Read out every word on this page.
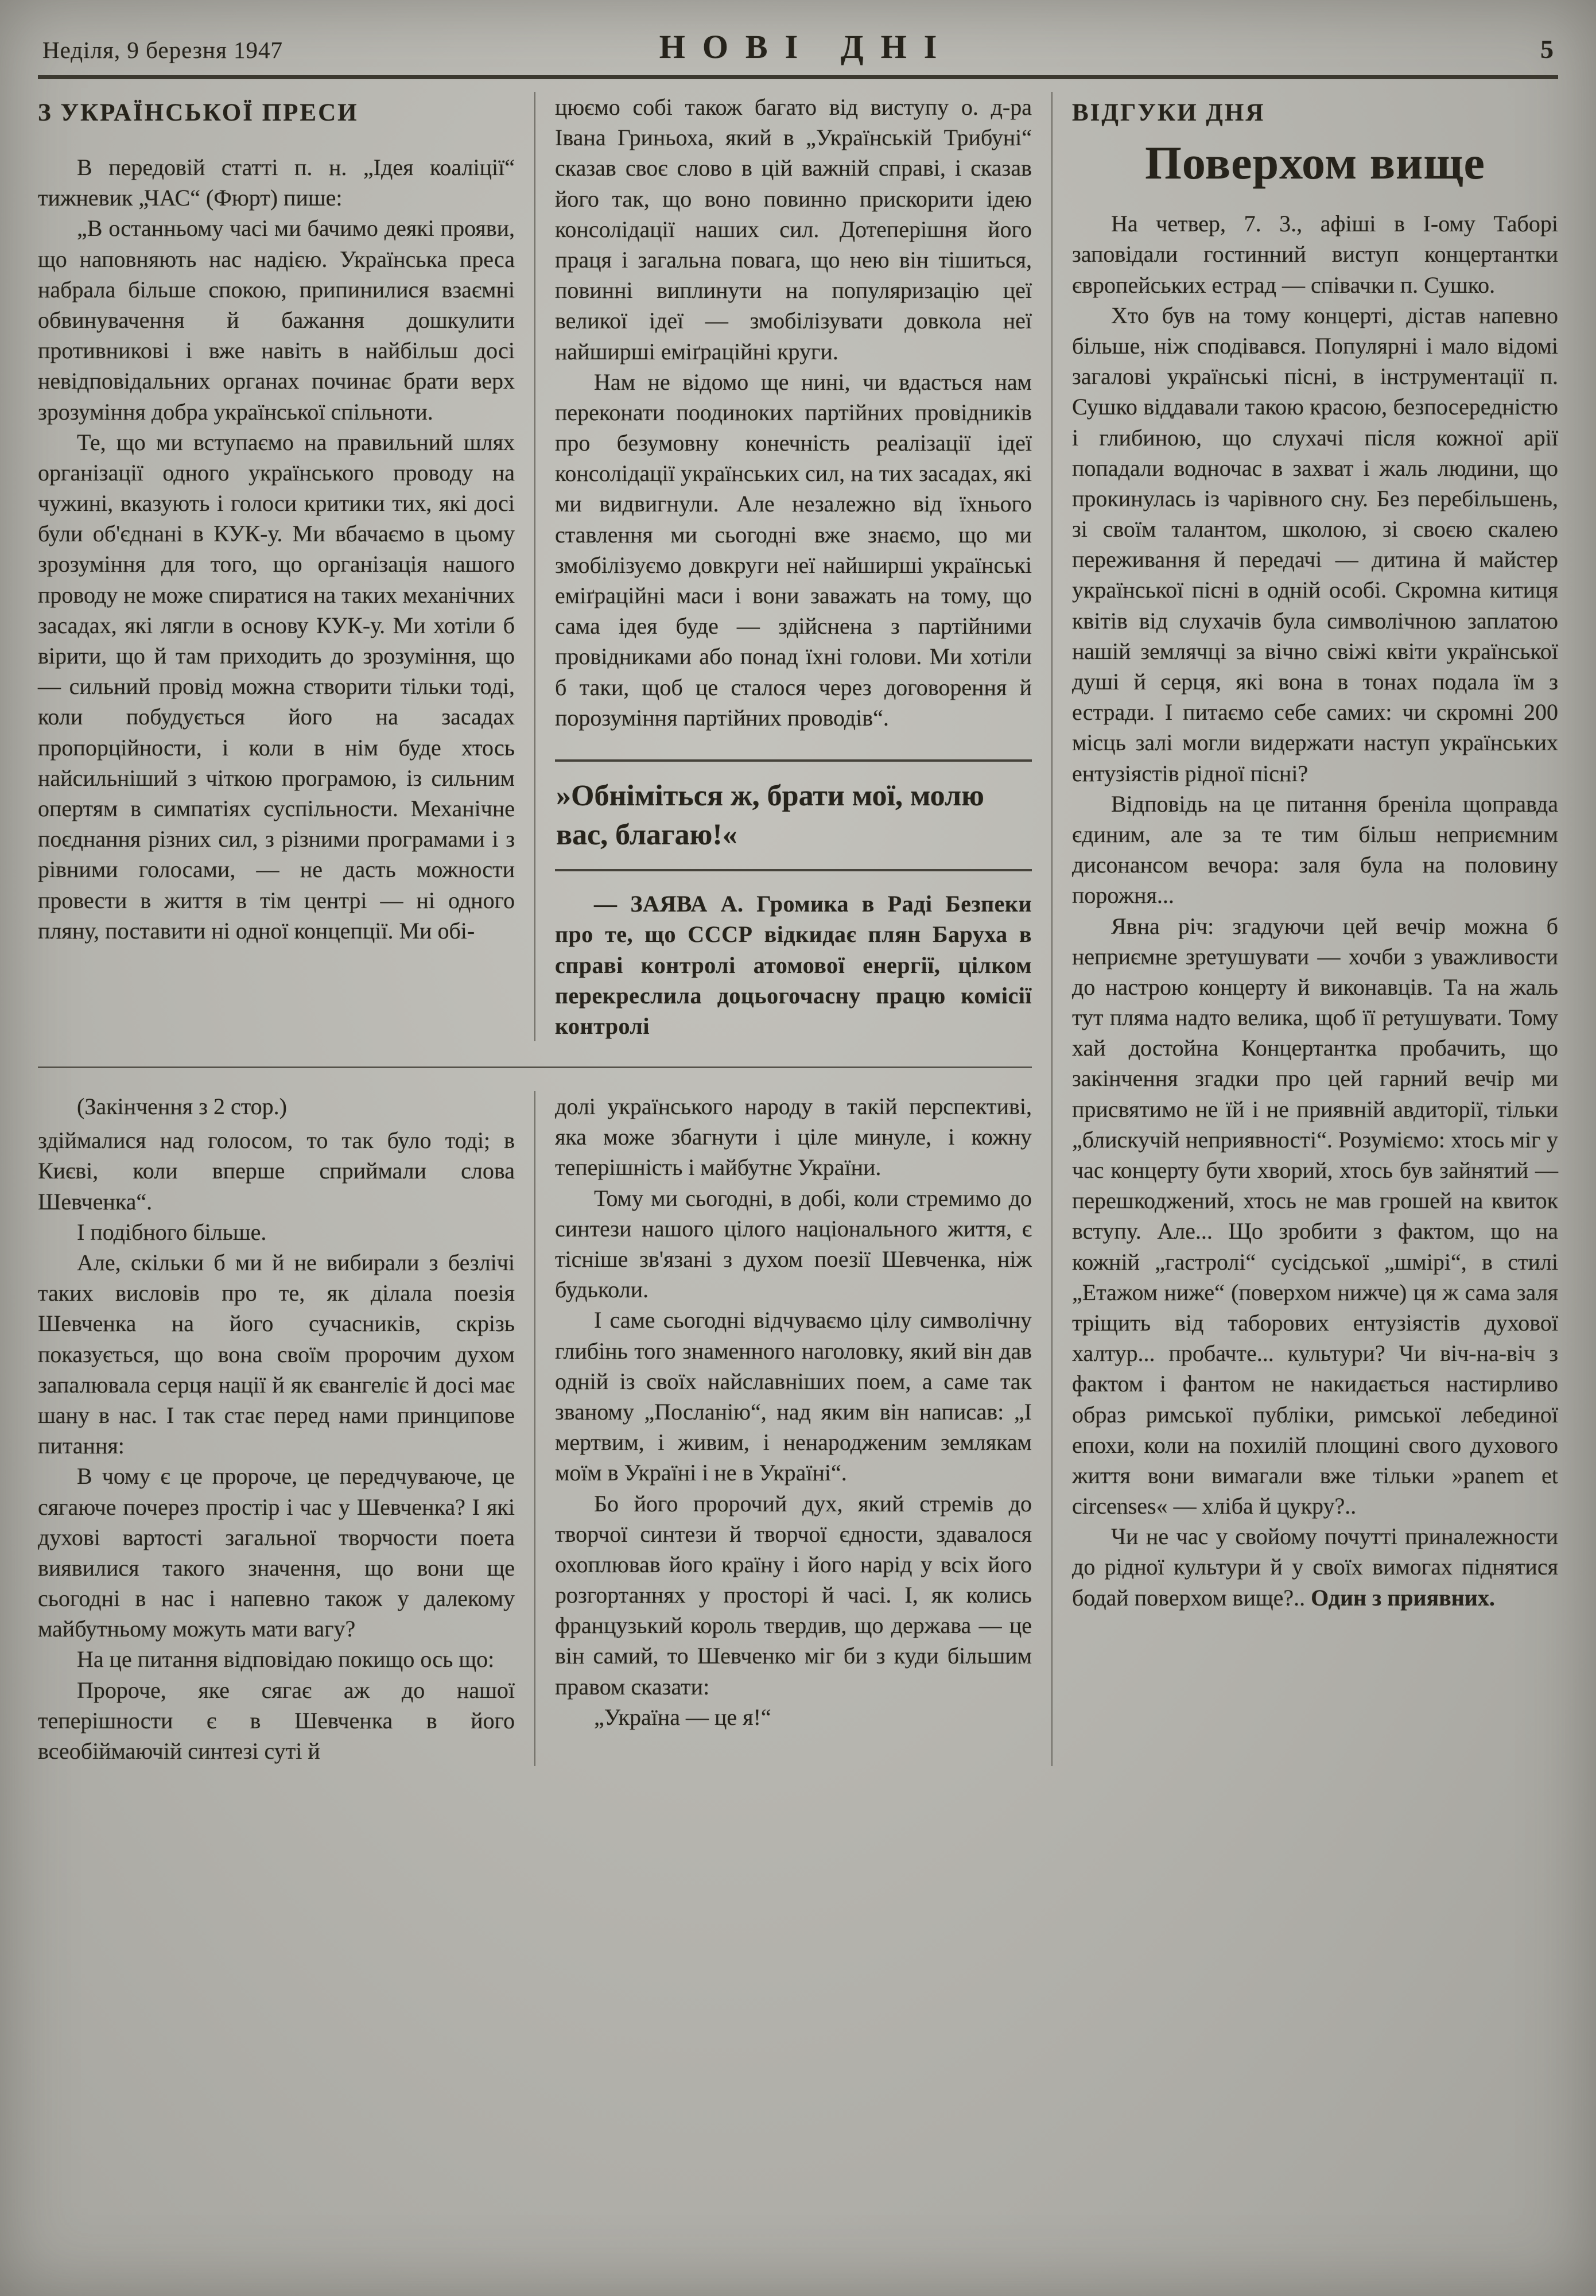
Неділя, 9 березня 1947	НОВІ ДНІ	5
З УКРАЇНСЬКОЇ ПРЕСИ

В передовій статті п. н. „Ідея коаліції“ тижневик „ЧАС“ (Фюрт) пише:

„В останньому часі ми бачимо деякі прояви, що наповняють нас надією. Українська преса набрала більше спокою, припинилися взаємні обвинувачення й бажання дошкулити противникові і вже навіть в найбільш досі невідповідальних органах починає брати верх зрозуміння добра української спільноти.

Те, що ми вступаємо на правильний шлях організації одного українського проводу на чужині, вказують і голоси критики тих, які досі були об'єднані в КУК-у. Ми вбачаємо в цьому зрозуміння для того, що організація нашого проводу не може спиратися на таких механічних засадах, які лягли в основу КУК-у. Ми хотіли б вірити, що й там приходить до зрозуміння, що — сильний провід можна створити тільки тоді, коли побудується його на засадах пропорційности, і коли в нім буде хтось найсильніший з чіткою програмою, із сильним опертям в симпатіях суспільности. Механічне поєднання різних сил, з різними програмами і з рівними голосами, — не дасть можности провести в життя в тім центрі — ні одного пляну, поставити ні одної концепції. Ми обі-

цюємо собі також багато від виступу о. д-ра Івана Гриньоха, який в „Українській Трибуні“ сказав своє слово в цій важній справі, і сказав його так, що воно повинно прискорити ідею консолідації наших сил. Дотеперішня його праця і загальна повага, що нею він тішиться, повинні виплинути на популяризацію цеї великої ідеї — змобілізувати довкола неї найширші еміґраційні круги.

Нам не відомо ще нині, чи вдасться нам переконати поодиноких партійних провідників про безумовну конечність реалізації ідеї консолідації українських сил, на тих засадах, які ми видвигнули. Але незалежно від їхнього ставлення ми сьогодні вже знаємо, що ми змобілізуємо довкруги неї найширші українські еміґраційні маси і вони заважать на тому, що сама ідея буде — здійснена з партійними провідниками або понад їхні голови. Ми хотіли б таки, щоб це сталося через договорення й порозуміння партійних проводів“.

»Обніміться ж, брати мої, молю вас, благаю!«

— ЗАЯВА А. Громика в Раді Безпеки про те, що СССР відкидає плян Баруха в справі контролі атомової енергії, цілком перекреслила доцьогочасну працю комісії контролі

(Закінчення з 2 стор.)

здіймалися над голосом, то так було тоді; в Києві, коли вперше сприймали слова Шевченка“.

І подібного більше.

Але, скільки б ми й не вибирали з безлічі таких висловів про те, як ділала поезія Шевченка на його сучасників, скрізь показується, що вона своїм пророчим духом запалювала серця нації й як євангеліє й досі має шану в нас. І так стає перед нами принципове питання:

В чому є це пророче, це передчуваюче, це сягаюче почерез простір і час у Шевченка? І які духові вартості загальної творчости поета виявилися такого значення, що вони ще сьогодні в нас і напевно також у далекому майбутньому можуть мати вагу?

На це питання відповідаю покищо ось що:

Пророче, яке сягає аж до нашої теперішности є в Шевченка в його всеобіймаючій синтезі суті й

долі українського народу в такій перспективі, яка може збагнути і ціле минуле, і кожну теперішність і майбутнє України.

Тому ми сьогодні, в добі, коли стремимо до синтези нашого цілого національного життя, є тісніше зв'язані з духом поезії Шевченка, ніж будьколи.

І саме сьогодні відчуваємо цілу символічну глибінь того знаменного наголовку, який він дав одній із своїх найславніших поем, а саме так званому „Посланію“, над яким він написав: „І мертвим, і живим, і ненародженим землякам моїм в Україні і не в Україні“.

Бо його пророчий дух, який стремів до творчої синтези й творчої єдности, здавалося охоплював його країну і його нарід у всіх його розгортаннях у просторі й часі. І, як колись французький король твердив, що держава — це він самий, то Шевченко міг би з куди більшим правом сказати:

„Україна — це я!“

ВІДГУКИ ДНЯ
Поверхом вище

На четвер, 7. 3., афіші в І-ому Таборі заповідали гостинний виступ концертантки європейських естрад — співачки п. Сушко.

Хто був на тому концерті, дістав напевно більше, ніж сподівався. Популярні і мало відомі загалові українські пісні, в інструментації п. Сушко віддавали такою красою, безпосередністю і глибиною, що слухачі після кожної арії попадали водночас в захват і жаль людини, що прокинулась із чарівного сну. Без перебільшень, зі своїм талантом, школою, зі своєю скалею переживання й передачі — дитина й майстер української пісні в одній особі. Скромна китиця квітів від слухачів була символічною заплатою нашій землячці за вічно свіжі квіти української душі й серця, які вона в тонах подала їм з естради. І питаємо себе самих: чи скромні 200 місць залі могли видержати наступ українських ентузіястів рідної пісні?

Відповідь на це питання бреніла щоправда єдиним, але за те тим більш неприємним дисонансом вечора: заля була на половину порожня...

Явна річ: згадуючи цей вечір можна б неприємне зретушувати — хочби з уважливости до настрою концерту й виконавців. Та на жаль тут пляма надто велика, щоб її ретушувати. Тому хай достойна Концертантка пробачить, що закінчення згадки про цей гарний вечір ми присвятимо не їй і не приявній авдиторії, тільки „блискучій неприявності“. Розуміємо: хтось міг у час концерту бути хворий, хтось був зайнятий — перешкоджений, хтось не мав грошей на квиток вступу. Але... Що зробити з фактом, що на кожній „гастролі“ сусідської „шмірі“, в стилі „Етажом ниже“ (поверхом нижче) ця ж сама заля тріщить від таборових ентузіястів духової халтур... пробачте... культури? Чи віч-на-віч з фактом і фантом не накидається настирливо образ римської публіки, римської лебединої епохи, коли на похилій площині свого духового життя вони вимагали вже тільки »panem et circenses« — хліба й цукру?..

Чи не час у свойому почутті приналежности до рідної культури й у своїх вимогах піднятися бодай поверхом вище?.. Один з приявних.
